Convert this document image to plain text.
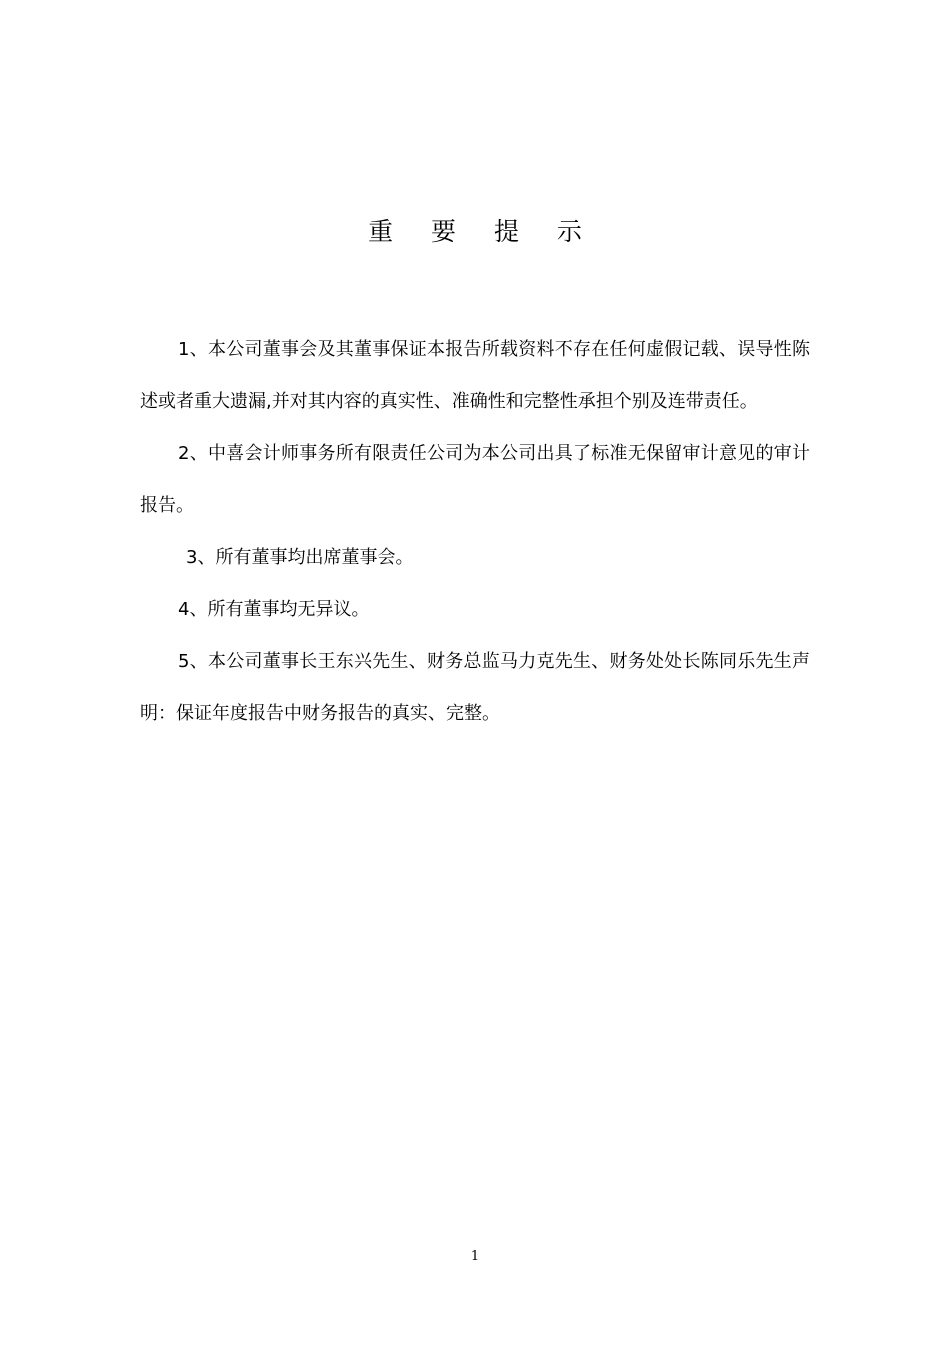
重 要 提 示

1、本公司董事会及其董事保证本报告所载资料不存在任何虚假记载、误导性陈述或者重大遗漏,并对其内容的真实性、准确性和完整性承担个别及连带责任。

2、中喜会计师事务所有限责任公司为本公司出具了标准无保留审计意见的审计报告。

3、所有董事均出席董事会。

4、所有董事均无异议。

5、本公司董事长王东兴先生、财务总监马力克先生、财务处处长陈同乐先生声明：保证年度报告中财务报告的真实、完整。

1
